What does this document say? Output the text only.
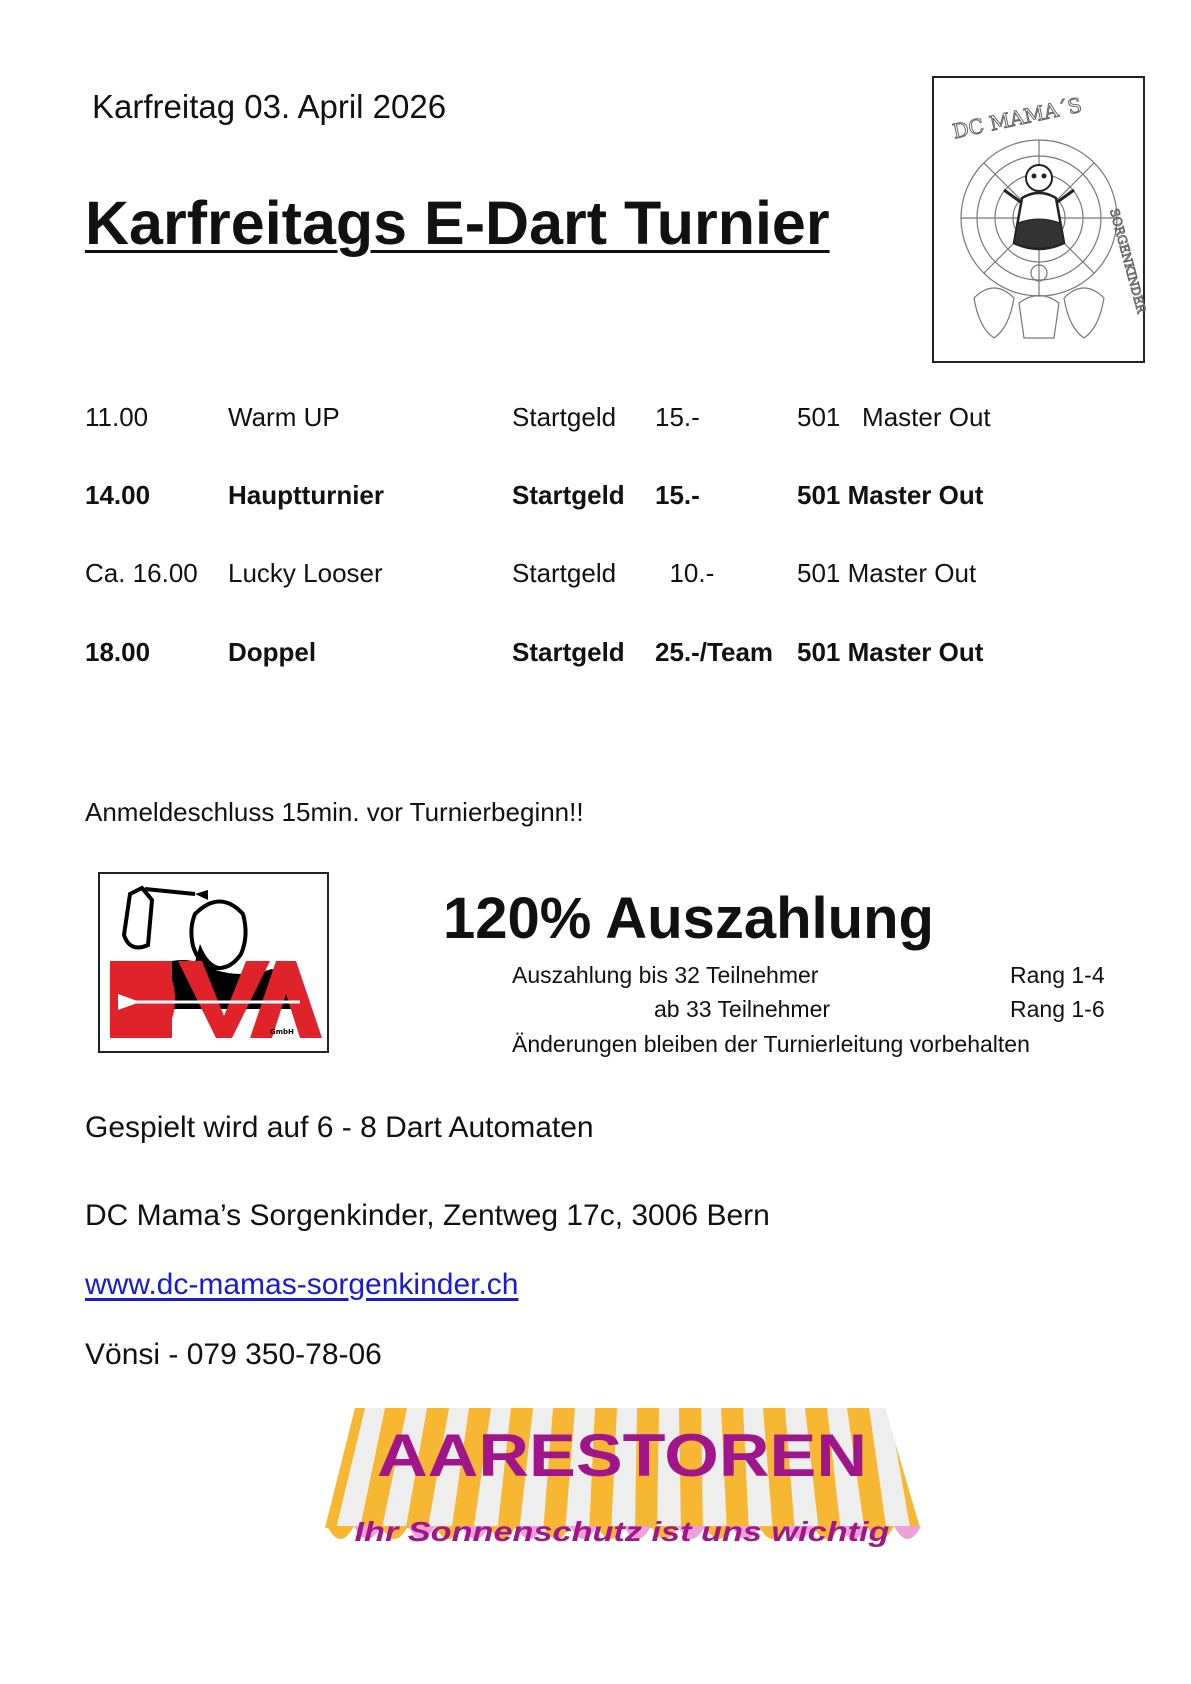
Karfreitag 03. April 2026
Karfreitags E-Dart Turnier
DC MAMA´S
SORGENKINDER
11.00	Warm UP	Startgeld 15.-	501   Master Out
14.00	Hauptturnier	Startgeld 15.-	501 Master Out
Ca. 16.00 Lucky Looser	Startgeld 10.-	501 Master Out
18.00	Doppel	Startgeld 25.-/Team 501 Master Out
Anmeldeschluss 15min. vor Turnierbeginn!!
GmbH
120% Auszahlung
Auszahlung bis 32 Teilnehmer	Rang 1-4
ab 33 Teilnehmer	Rang 1-6
Änderungen bleiben der Turnierleitung vorbehalten
Gespielt wird auf 6 - 8 Dart Automaten
DC Mama’s Sorgenkinder, Zentweg 17c, 3006 Bern
www.dc-mamas-sorgenkinder.ch
Vönsi - 079 350-78-06
AARESTOREN
Ihr Sonnenschutz ist uns wichtig
